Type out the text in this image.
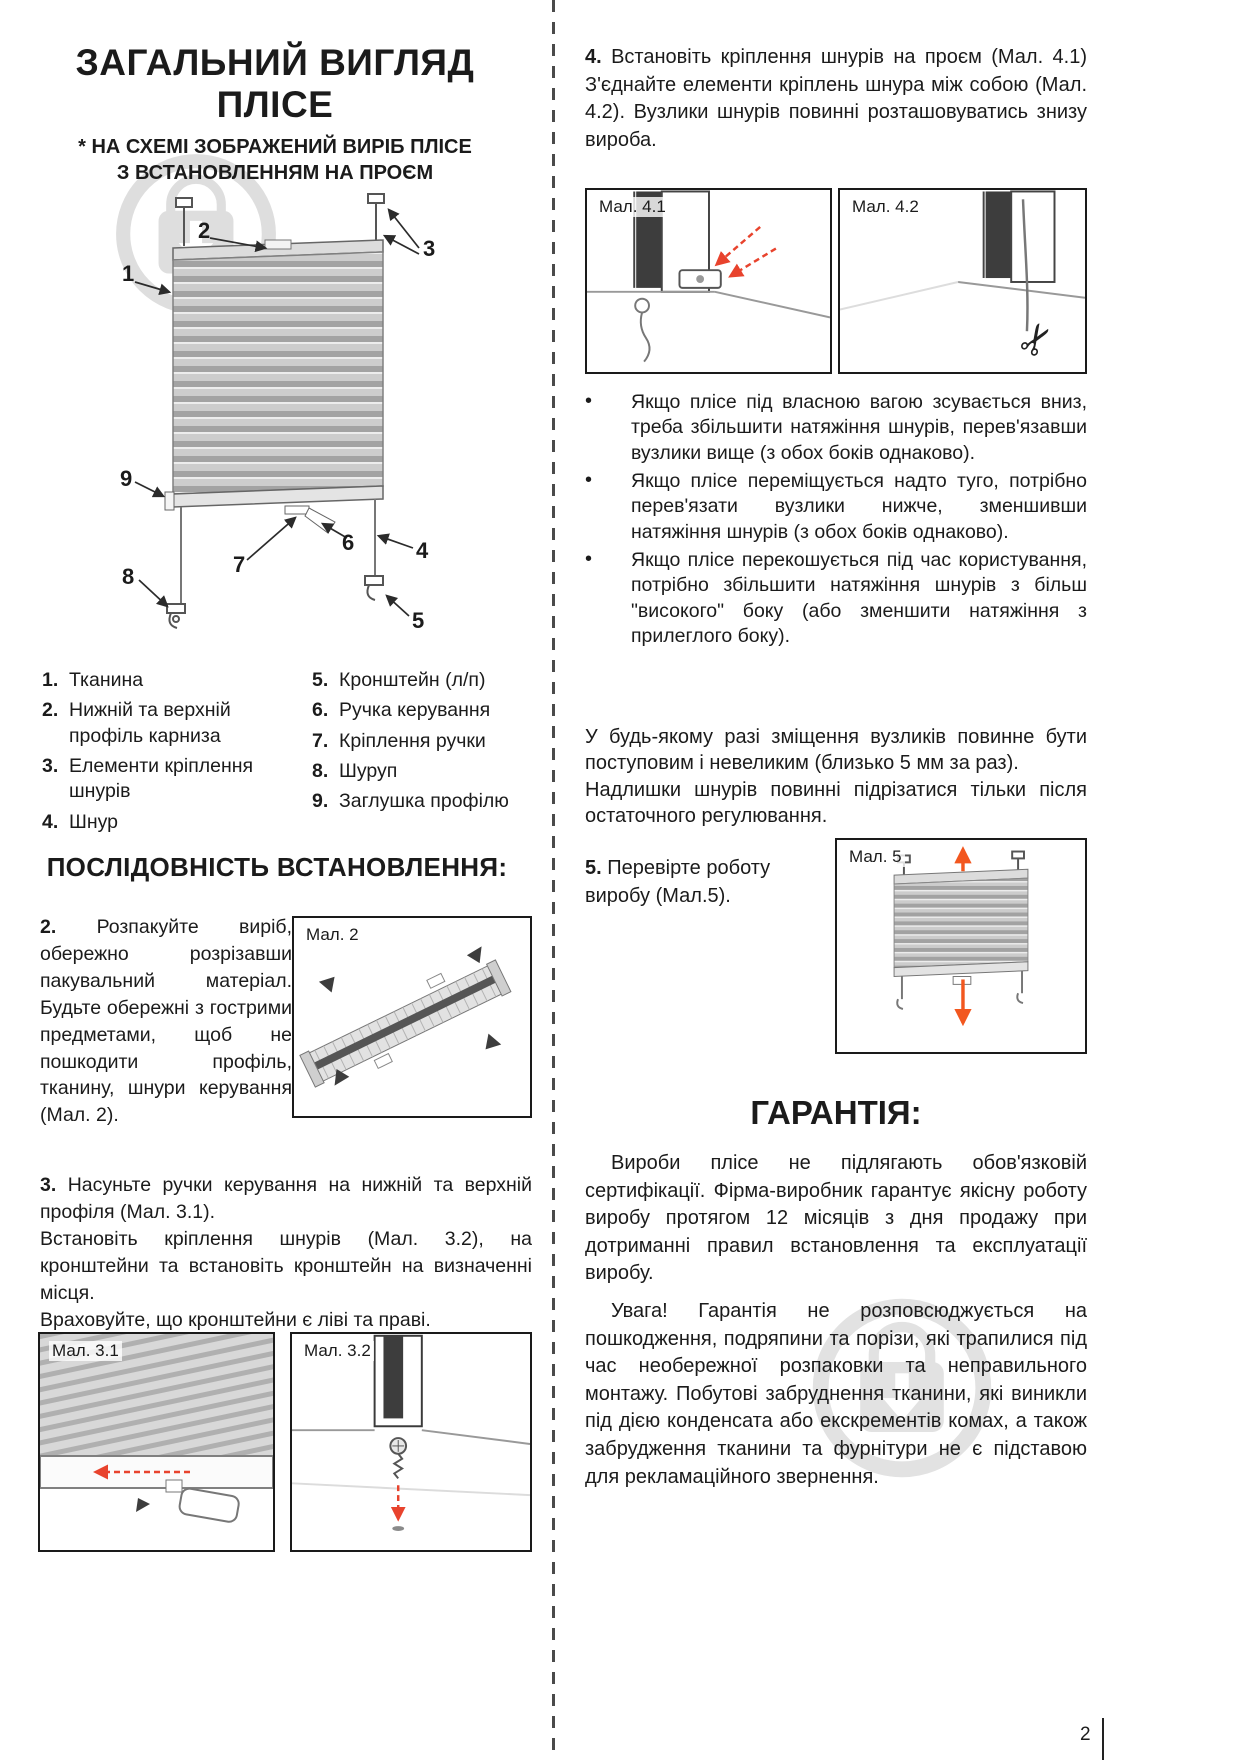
ЗАГАЛЬНИЙ ВИГЛЯД
ПЛІСЕ
* НА СХЕМІ ЗОБРАЖЕНИЙ ВИРІБ ПЛІСЕ
З ВСТАНОВЛЕННЯМ НА ПРОЄМ
1
2
3
4
5
6
7
8
9
1. Тканина
2. Нижній та верхній профіль карниза
3. Елементи кріплення шнурів
4. Шнур
5. Кронштейн (л/п)
6. Ручка керування
7. Кріплення ручки
8. Шуруп
9. Заглушка профілю
ПОСЛІДОВНІСТЬ ВСТАНОВЛЕННЯ:
2. Розпакуйте виріб, обережно розрізавши пакувальний матеріал. Будьте обережні з гострими предметами, щоб не пошкодити профіль, тканину, шнури керування (Мал. 2).
Мал. 2

3. Насуньте ручки керування на нижній та верхній профіля (Мал. 3.1).

Встановіть кріплення шнурів (Мал. 3.2), на кронштейни та встановіть кронштейн на визначенні місця.

Враховуйте, що кронштейни є ліві та праві.

Мал. 3.1	Мал. 3.2
4. Встановіть кріплення шнурів на проєм (Мал. 4.1) З'єднайте елементи кріплень шнура між собою (Мал. 4.2). Вузлики шнурів повинні розташовуватись знизу вироба.
Мал. 4.1	Мал. 4.2
✂
•

Якщо плісе під власною вагою зсувається вниз, треба збільшити натяжіння шнурів, перев'язавши вузлики вище (з обох боків однаково).

•

Якщо плісе переміщується надто туго, потрібно перев'язати вузлики нижче, зменшивши натяжіння шнурів (з обох боків однаково).

•

Якщо плісе перекошується під час користування, потрібно збільшити натяжіння шнурів з більш "високого" боку (або зменшити натяжіння з прилеглого боку).

У будь-якому разі зміщення вузликів повинне бути поступовим і невеликим (близько 5 мм за раз).

Надлишки шнурів повинні підрізатися тільки після остаточного регулювання.

5. Перевірте роботу виробу (Мал.5).
Мал. 5
ГАРАНТІЯ:

Вироби плісе не підлягають обов'язковій сертифікації. Фірма-виробник гарантує якісну роботу виробу протягом 12 місяців з дня продажу при дотриманні правил встановлення та експлуатації виробу.

Увага! Гарантія не розповсюджується на пошкодження, подряпини та порізи, які трапилися під час необережної розпаковки та неправильного монтажу. Побутові забруднення тканини, які виникли під дією конденсата або екскрементів комах, а також забрудження тканини та фурнітури не є підставою для рекламаційного звернення.

2
